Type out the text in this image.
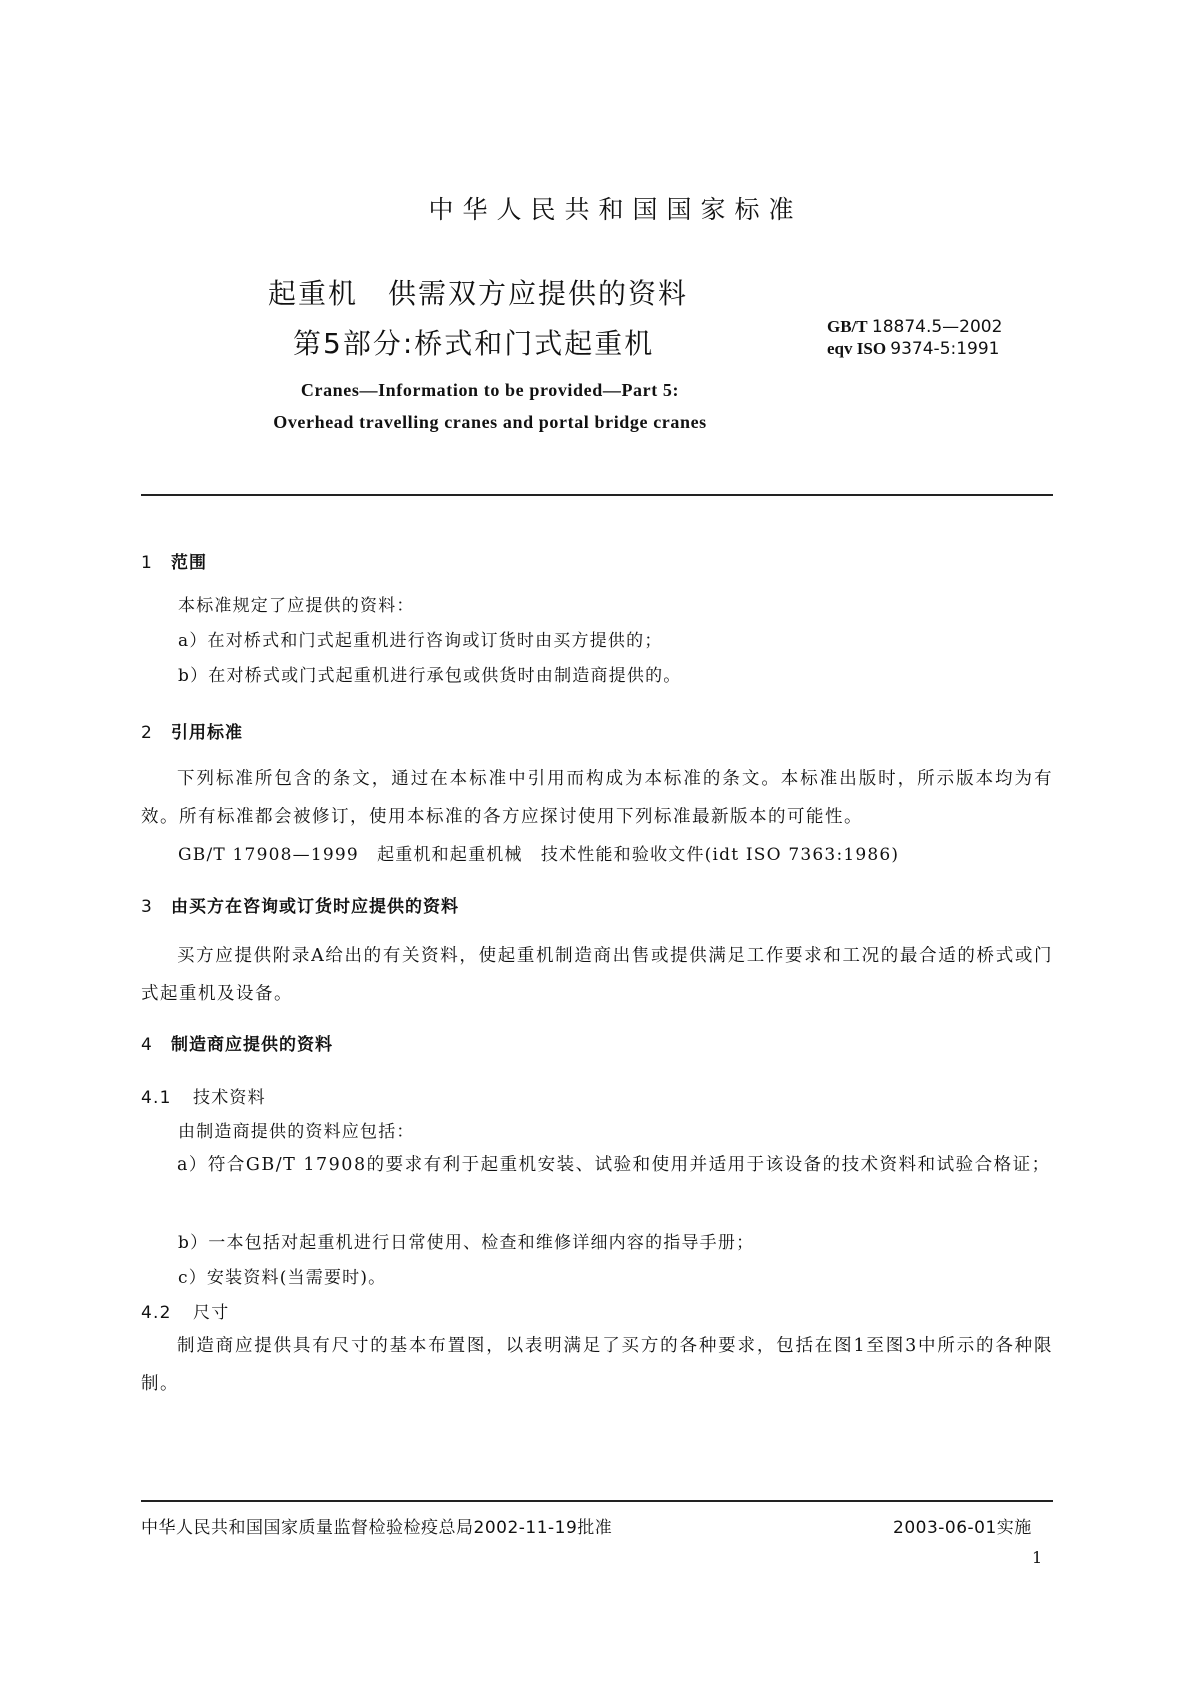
中华人民共和国国家标准
起重机　供需双方应提供的资料
第5部分:桥式和门式起重机
GB/T 18874.5—2002
eqv ISO 9374-5:1991
Cranes—Information to be provided—Part 5:
Overhead travelling cranes and portal bridge cranes
1 范围
本标准规定了应提供的资料：
a）在对桥式和门式起重机进行咨询或订货时由买方提供的；
b）在对桥式或门式起重机进行承包或供货时由制造商提供的。
2 引用标准
下列标准所包含的条文，通过在本标准中引用而构成为本标准的条文。本标准出版时，所示版本均为有效。所有标准都会被修订，使用本标准的各方应探讨使用下列标准最新版本的可能性。
GB/T 17908—1999　起重机和起重机械　技术性能和验收文件(idt ISO 7363:1986)
3 由买方在咨询或订货时应提供的资料
买方应提供附录A给出的有关资料，使起重机制造商出售或提供满足工作要求和工况的最合适的桥式或门式起重机及设备。
4 制造商应提供的资料
4.1 技术资料
由制造商提供的资料应包括：
a）符合GB/T 17908的要求有利于起重机安装、试验和使用并适用于该设备的技术资料和试验合格证；
b）一本包括对起重机进行日常使用、检查和维修详细内容的指导手册；
c）安装资料(当需要时)。
4.2 尺寸
制造商应提供具有尺寸的基本布置图，以表明满足了买方的各种要求，包括在图1至图3中所示的各种限制。
中华人民共和国国家质量监督检验检疫总局2002-11-19批准	2003-06-01实施
1
